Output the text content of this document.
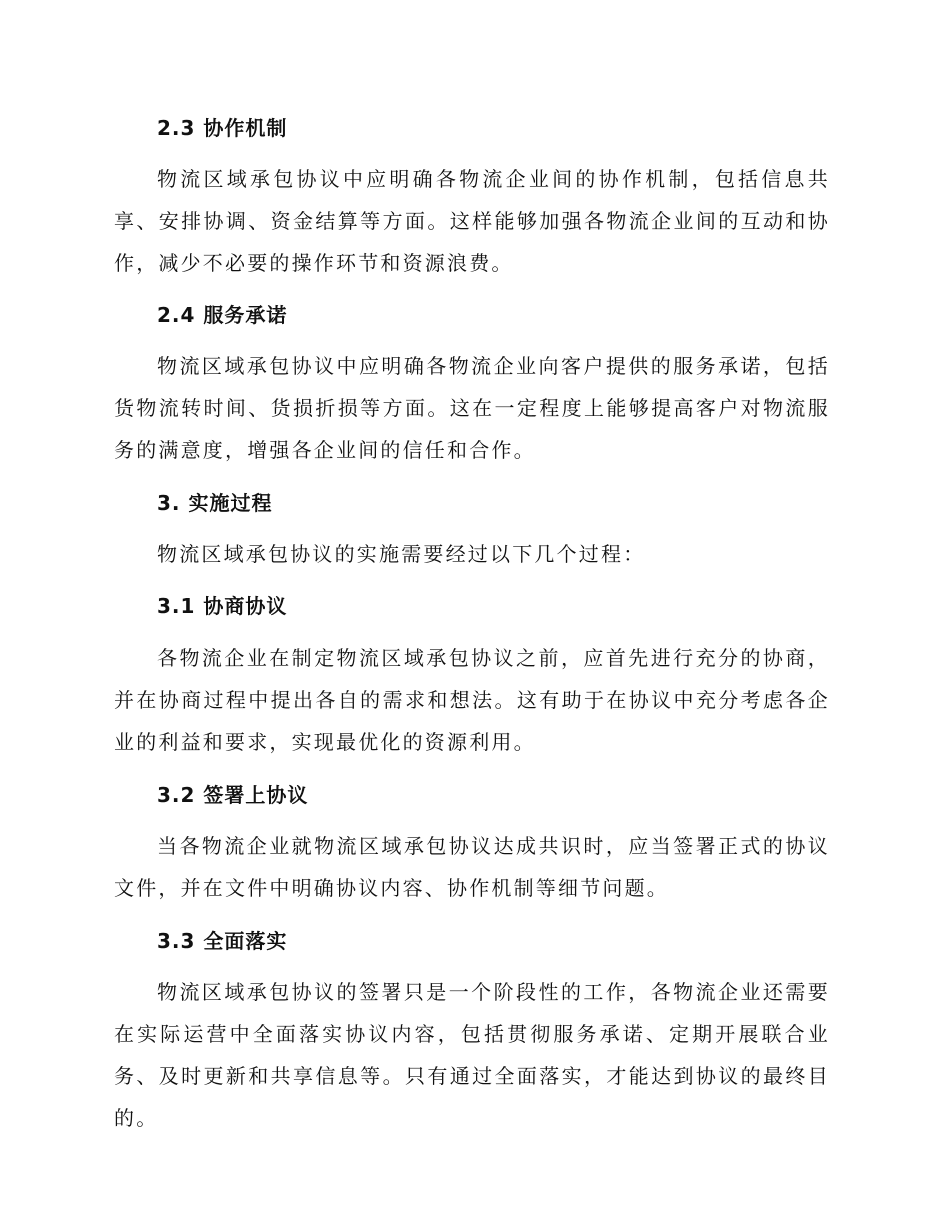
2.3 协作机制
物流区域承包协议中应明确各物流企业间的协作机制，包括信息共享、安排协调、资金结算等方面。这样能够加强各物流企业间的互动和协作，减少不必要的操作环节和资源浪费。
2.4 服务承诺
物流区域承包协议中应明确各物流企业向客户提供的服务承诺，包括货物流转时间、货损折损等方面。这在一定程度上能够提高客户对物流服务的满意度，增强各企业间的信任和合作。
3. 实施过程
物流区域承包协议的实施需要经过以下几个过程：
3.1 协商协议
各物流企业在制定物流区域承包协议之前，应首先进行充分的协商，并在协商过程中提出各自的需求和想法。这有助于在协议中充分考虑各企业的利益和要求，实现最优化的资源利用。
3.2 签署上协议
当各物流企业就物流区域承包协议达成共识时，应当签署正式的协议文件，并在文件中明确协议内容、协作机制等细节问题。
3.3 全面落实
物流区域承包协议的签署只是一个阶段性的工作，各物流企业还需要在实际运营中全面落实协议内容，包括贯彻服务承诺、定期开展联合业务、及时更新和共享信息等。只有通过全面落实，才能达到协议的最终目的。
